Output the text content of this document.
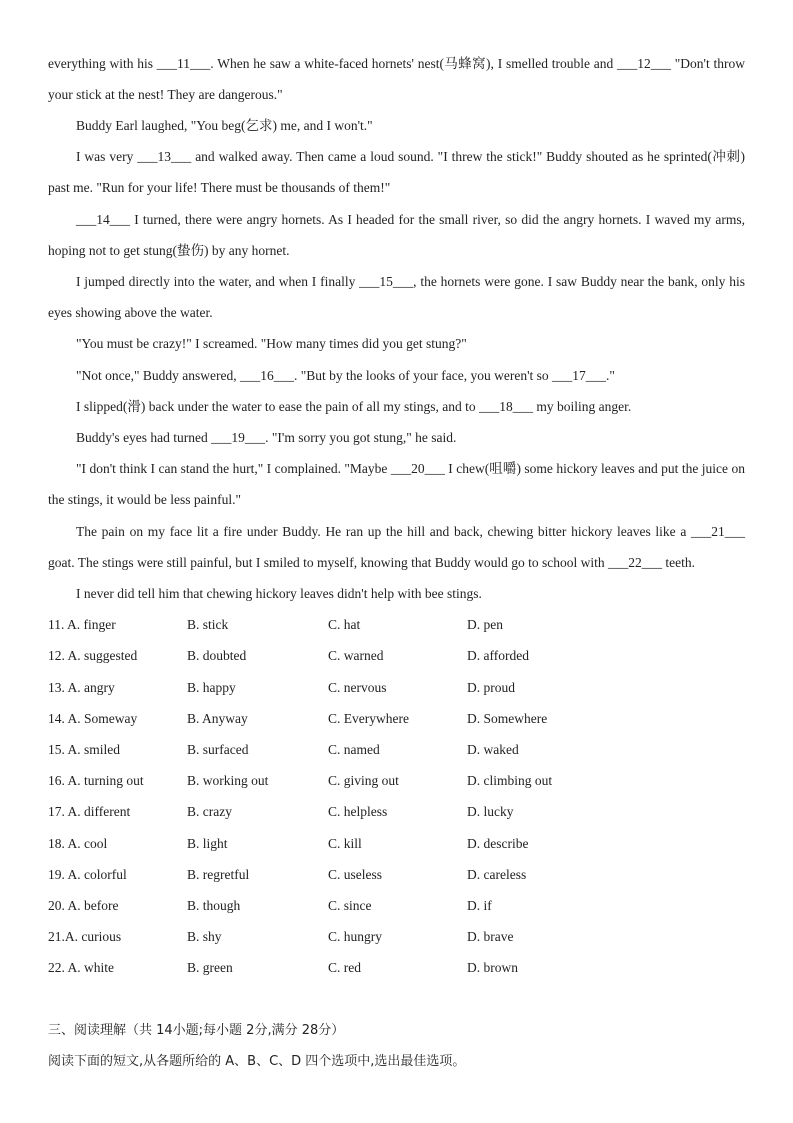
everything with his ___11___. When he saw a white-faced hornets' nest(马蜂窝), I smelled trouble and ___12___ "Don't throw your stick at the nest! They are dangerous."

Buddy Earl laughed, "You beg(乞求) me, and I won't."

I was very ___13___ and walked away. Then came a loud sound. "I threw the stick!" Buddy shouted as he sprinted(冲刺) past me. "Run for your life! There must be thousands of them!"

___14___ I turned, there were angry hornets. As I headed for the small river, so did the angry hornets. I waved my arms, hoping not to get stung(蛰伤) by any hornet.

I jumped directly into the water, and when I finally ___15___, the hornets were gone. I saw Buddy near the bank, only his eyes showing above the water.

"You must be crazy!" I screamed. "How many times did you get stung?"

"Not once," Buddy answered, ___16___. "But by the looks of your face, you weren't so ___17___."

I slipped(滑) back under the water to ease the pain of all my stings, and to ___18___ my boiling anger.

Buddy's eyes had turned ___19___. "I'm sorry you got stung," he said.

"I don't think I can stand the hurt," I complained. "Maybe ___20___ I chew(咀嚼) some hickory leaves and put the juice on the stings, it would be less painful."

The pain on my face lit a fire under Buddy. He ran up the hill and back, chewing bitter hickory leaves like a ___21___ goat. The stings were still painful, but I smiled to myself, knowing that Buddy would go to school with ___22___ teeth.

I never did tell him that chewing hickory leaves didn't help with bee stings.

11. A. finger	B. stick	C. hat	D. pen
12. A. suggested	B. doubted	C. warned	D. afforded
13. A. angry	B. happy	C. nervous	D. proud
14. A. Someway	B. Anyway	C. Everywhere	D. Somewhere
15. A. smiled	B. surfaced	C. named	D. waked
16. A. turning out	B. working out	C. giving out	D. climbing out
17. A. different	B. crazy	C. helpless	D. lucky
18. A. cool	B. light	C. kill	D. describe
19. A. colorful	B. regretful	C. useless	D. careless
20. A. before	B. though	C. since	D. if
21.A. curious	B. shy	C. hungry	D. brave
22. A. white	B. green	C. red	D. brown
三、阅读理解（共 14小题;每小题 2分,满分 28分）
阅读下面的短文,从各题所给的 A、B、C、D 四个选项中,选出最佳选项。
